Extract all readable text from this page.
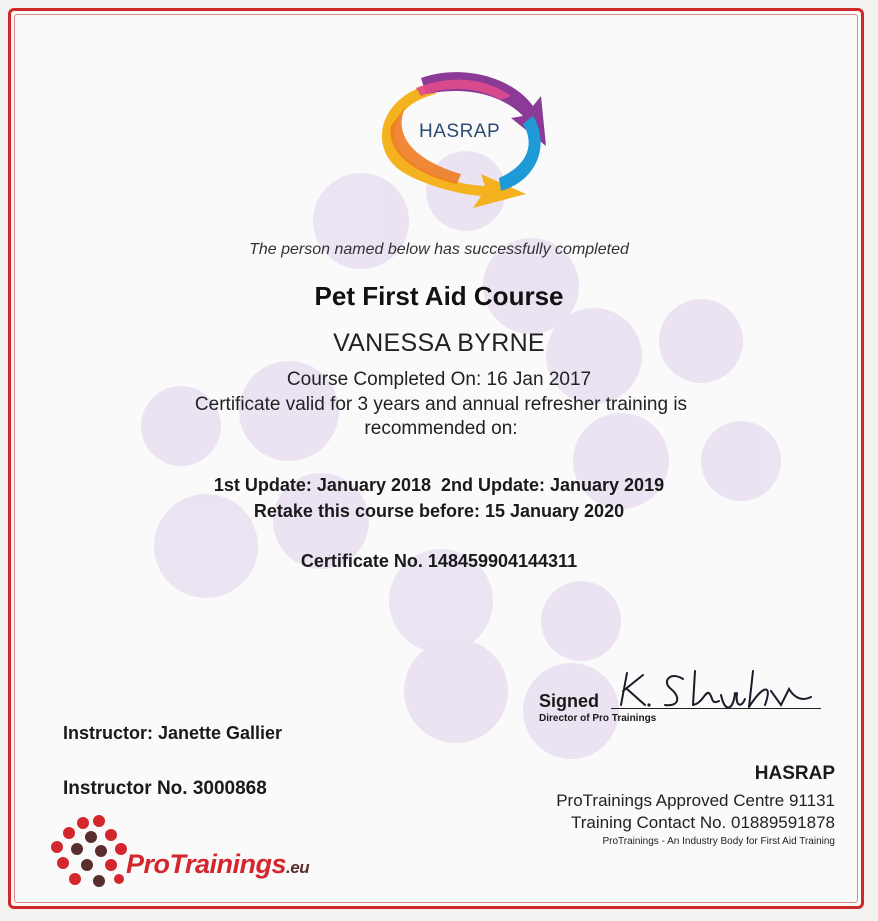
HASRAP
The person named below has successfully completed
Pet First Aid Course
VANESSA BYRNE
Course Completed On: 16 Jan 2017
Certificate valid for 3 years and annual refresher training is recommended on:
1st Update: January 2018  2nd Update: January 2019
Retake this course before: 15 January 2020
Certificate No. 148459904144311
Signed
Director of Pro Trainings
Instructor: Janette Gallier
Instructor No. 3000868
HASRAP
ProTrainings Approved Centre 91131
Training Contact No. 01889591878
ProTrainings - An Industry Body for First Aid Training
ProTrainings.eu
